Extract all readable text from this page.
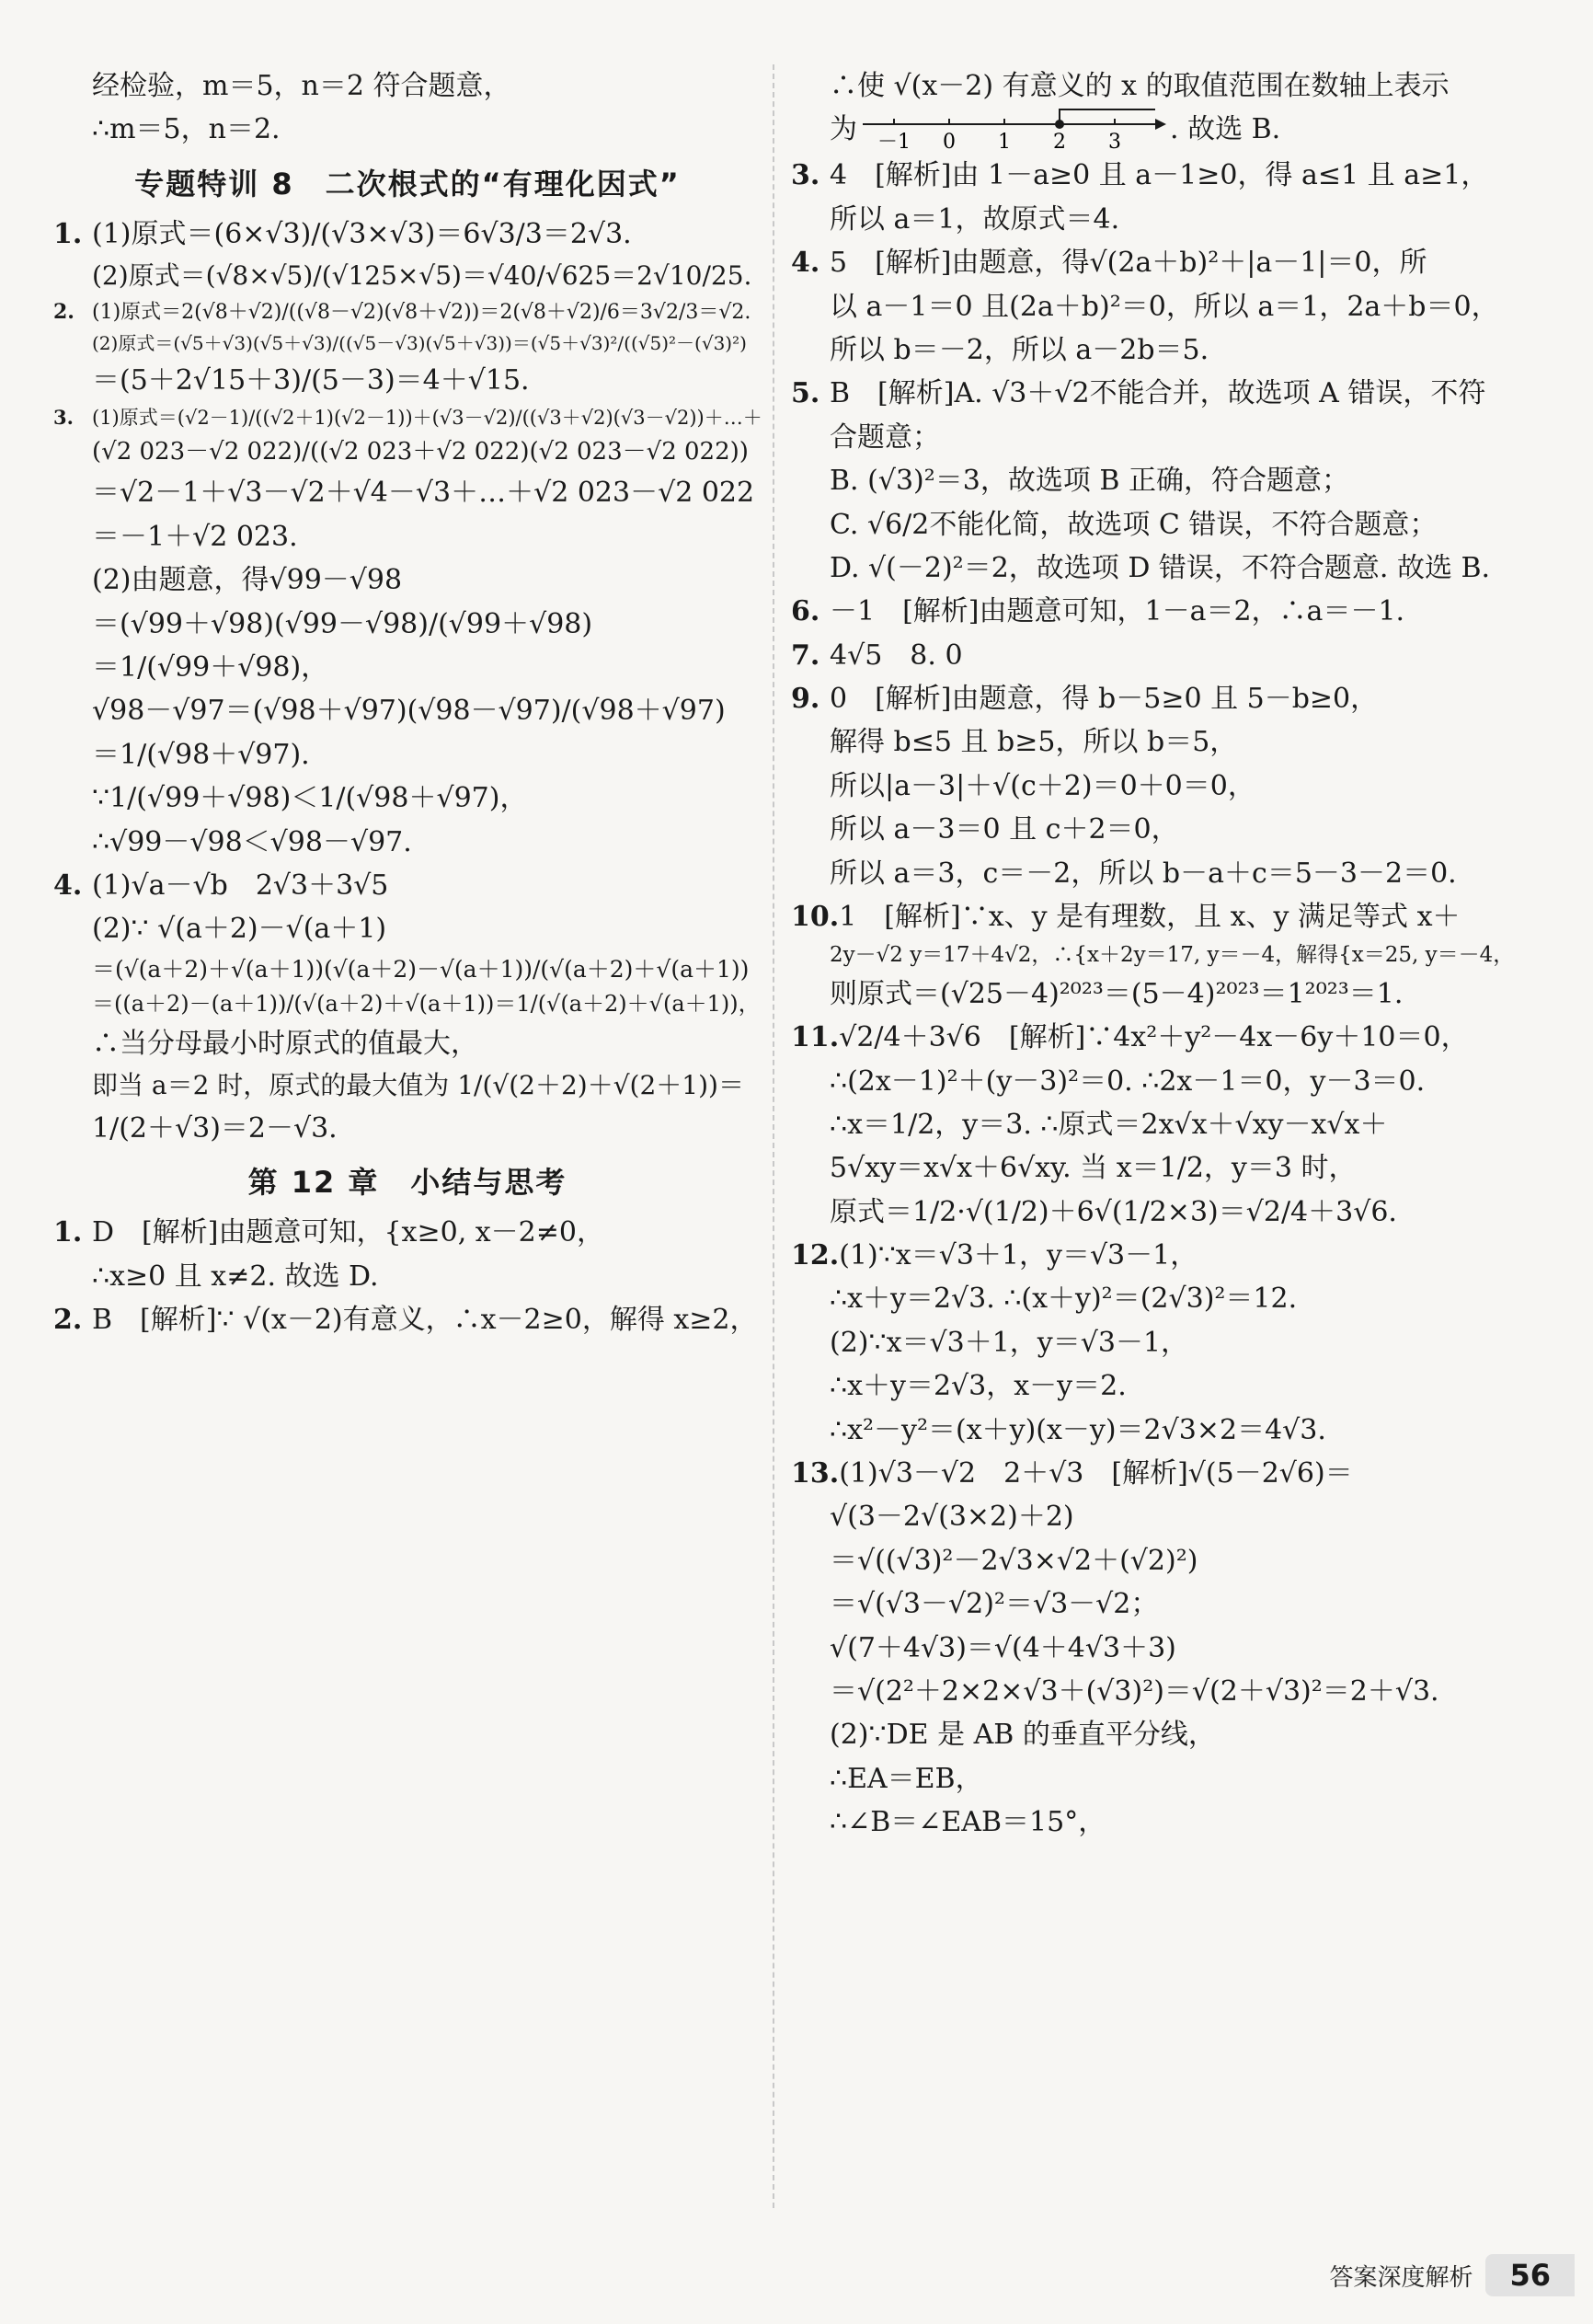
经检验，m＝5，n＝2 符合题意，
∴m＝5，n＝2.
专题特训 8　二次根式的“有理化因式”
1. (1)原式＝(6×√3)/(√3×√3)＝6√3/3＝2√3.
(2)原式＝(√8×√5)/(√125×√5)＝√40/√625＝2√10/25.
2. (1)原式＝2(√8＋√2)/((√8－√2)(√8＋√2))＝2(√8＋√2)/6＝3√2/3＝√2.
(2)原式＝(√5＋√3)(√5＋√3)/((√5－√3)(√5＋√3))＝(√5＋√3)²/((√5)²－(√3)²)
＝(5＋2√15＋3)/(5－3)＝4＋√15.
3. (1)原式＝(√2－1)/((√2＋1)(√2－1))＋(√3－√2)/((√3＋√2)(√3－√2))＋…＋
(√2 023－√2 022)/((√2 023＋√2 022)(√2 023－√2 022))
＝√2－1＋√3－√2＋√4－√3＋…＋√2 023－√2 022
＝－1＋√2 023.
(2)由题意，得√99－√98
＝(√99＋√98)(√99－√98)/(√99＋√98)
＝1/(√99＋√98)，
√98－√97＝(√98＋√97)(√98－√97)/(√98＋√97)
＝1/(√98＋√97).
∵1/(√99＋√98)＜1/(√98＋√97)，
∴√99－√98＜√98－√97.
4. (1)√a－√b　2√3＋3√5
(2)∵ √(a＋2)－√(a＋1)
＝(√(a＋2)＋√(a＋1))(√(a＋2)－√(a＋1))/(√(a＋2)＋√(a＋1))
＝((a＋2)－(a＋1))/(√(a＋2)＋√(a＋1))＝1/(√(a＋2)＋√(a＋1))，
∴当分母最小时原式的值最大，
即当 a＝2 时，原式的最大值为 1/(√(2＋2)＋√(2＋1))＝
1/(2＋√3)＝2－√3.
第 12 章　小结与思考
1. D　[解析]由题意可知，{x≥0, x－2≠0，
∴x≥0 且 x≠2. 故选 D.
2. B　[解析]∵ √(x－2)有意义，∴x－2≥0，解得 x≥2，
∴使 √(x－2) 有意义的 x 的取值范围在数轴上表示
为 －1 0 1 2 3 . 故选 B.
3. 4　[解析]由 1－a≥0 且 a－1≥0，得 a≤1 且 a≥1，
所以 a＝1，故原式＝4.
4. 5　[解析]由题意，得√(2a＋b)²＋|a－1|＝0，所
以 a－1＝0 且(2a＋b)²＝0，所以 a＝1，2a＋b＝0，
所以 b＝－2，所以 a－2b＝5.
5. B　[解析]A. √3＋√2不能合并，故选项 A 错误，不符
合题意；
B. (√3)²＝3，故选项 B 正确，符合题意；
C. √6/2不能化简，故选项 C 错误，不符合题意；
D. √(－2)²＝2，故选项 D 错误，不符合题意. 故选 B.
6. －1　[解析]由题意可知，1－a＝2，∴a＝－1.
7. 4√5　8. 0
9. 0　[解析]由题意，得 b－5≥0 且 5－b≥0，
解得 b≤5 且 b≥5，所以 b＝5，
所以|a－3|＋√(c＋2)＝0＋0＝0，
所以 a－3＝0 且 c＋2＝0，
所以 a＝3，c＝－2，所以 b－a＋c＝5－3－2＝0.
10.1　[解析]∵x、y 是有理数，且 x、y 满足等式 x＋
2y－√2 y＝17＋4√2，∴{x＋2y＝17, y＝－4，解得{x＝25, y＝－4，
则原式＝(√25－4)²⁰²³＝(5－4)²⁰²³＝1²⁰²³＝1.
11.√2/4＋3√6　[解析]∵4x²＋y²－4x－6y＋10＝0，
∴(2x－1)²＋(y－3)²＝0. ∴2x－1＝0，y－3＝0.
∴x＝1/2，y＝3. ∴原式＝2x√x＋√xy－x√x＋
5√xy＝x√x＋6√xy. 当 x＝1/2，y＝3 时，
原式＝1/2·√(1/2)＋6√(1/2×3)＝√2/4＋3√6.
12.(1)∵x＝√3＋1，y＝√3－1，
∴x＋y＝2√3. ∴(x＋y)²＝(2√3)²＝12.
(2)∵x＝√3＋1，y＝√3－1，
∴x＋y＝2√3，x－y＝2.
∴x²－y²＝(x＋y)(x－y)＝2√3×2＝4√3.
13.(1)√3－√2　2＋√3　[解析]√(5－2√6)＝
√(3－2√(3×2)＋2)
＝√((√3)²－2√3×√2＋(√2)²)
＝√(√3－√2)²＝√3－√2；
√(7＋4√3)＝√(4＋4√3＋3)
＝√(2²＋2×2×√3＋(√3)²)＝√(2＋√3)²＝2＋√3.
(2)∵DE 是 AB 的垂直平分线，
∴EA＝EB，
∴∠B＝∠EAB＝15°，
答案深度解析	56
